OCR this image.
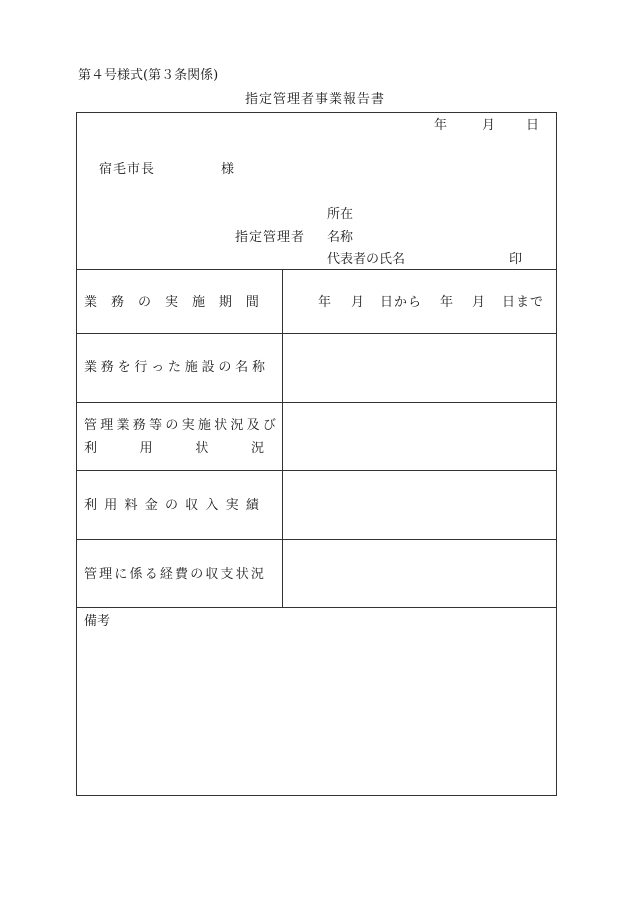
第４号様式(第３条関係)
指定管理者事業報告書
年	月 日
宿毛市長	様
所在
指定管理者 名称
代表者の氏名	印
業 務 の 実 施 期 間	年 月 日から 年 月 日まで
業 務 を 行 っ た 施 設 の 名 称
管 理 業 務 等 の 実 施 状 況 及 び
利	用	状	況
利 用 料 金 の 収 入 実 績
管 理 に 係 る 経 費 の 収 支 状 況
備考
